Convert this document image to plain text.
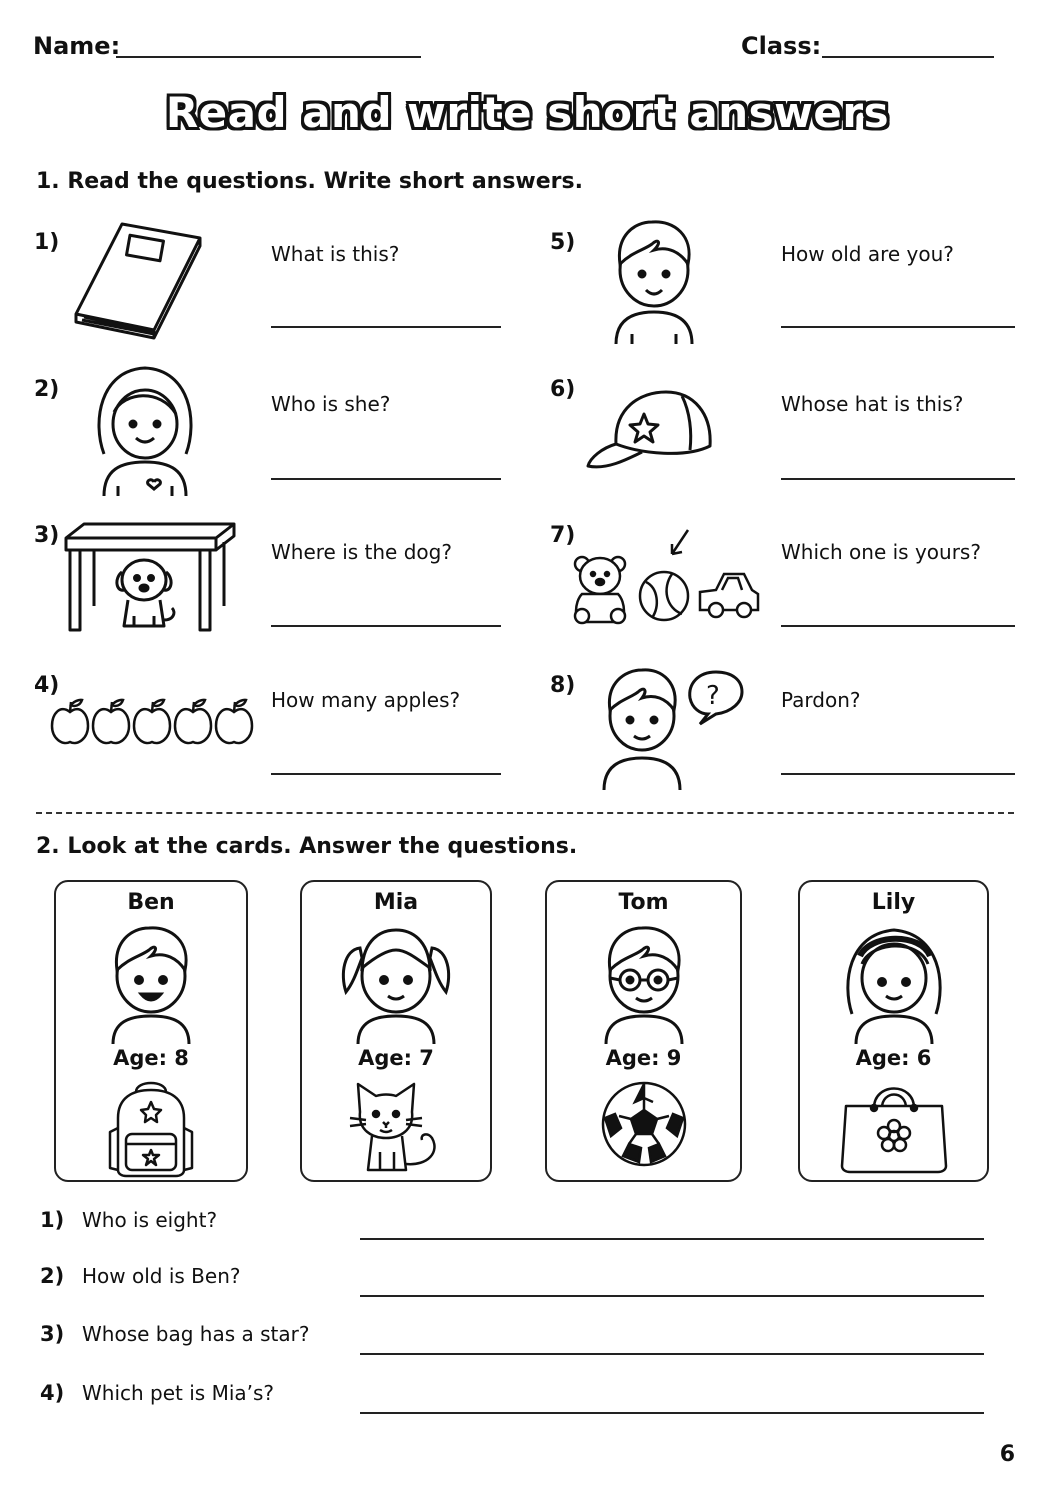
Name:	Class:
Read and write short answers
1. Read the questions. Write short answers.
1)	What is this?
2)
Who is she?
3)
Where is the dog?
4)
How many apples?
5)	How old are you?
6)
Whose hat is this?
7)
Which one is yours?
8)	?	Pardon?
2. Look at the cards. Answer the questions.
Ben
Age: 8
Mia
Age: 7
Tom
Age: 9
Lily
Age: 6
1) Who is eight?
2) How old is Ben?
3) Whose bag has a star?
4) Which pet is Mia’s?
6
